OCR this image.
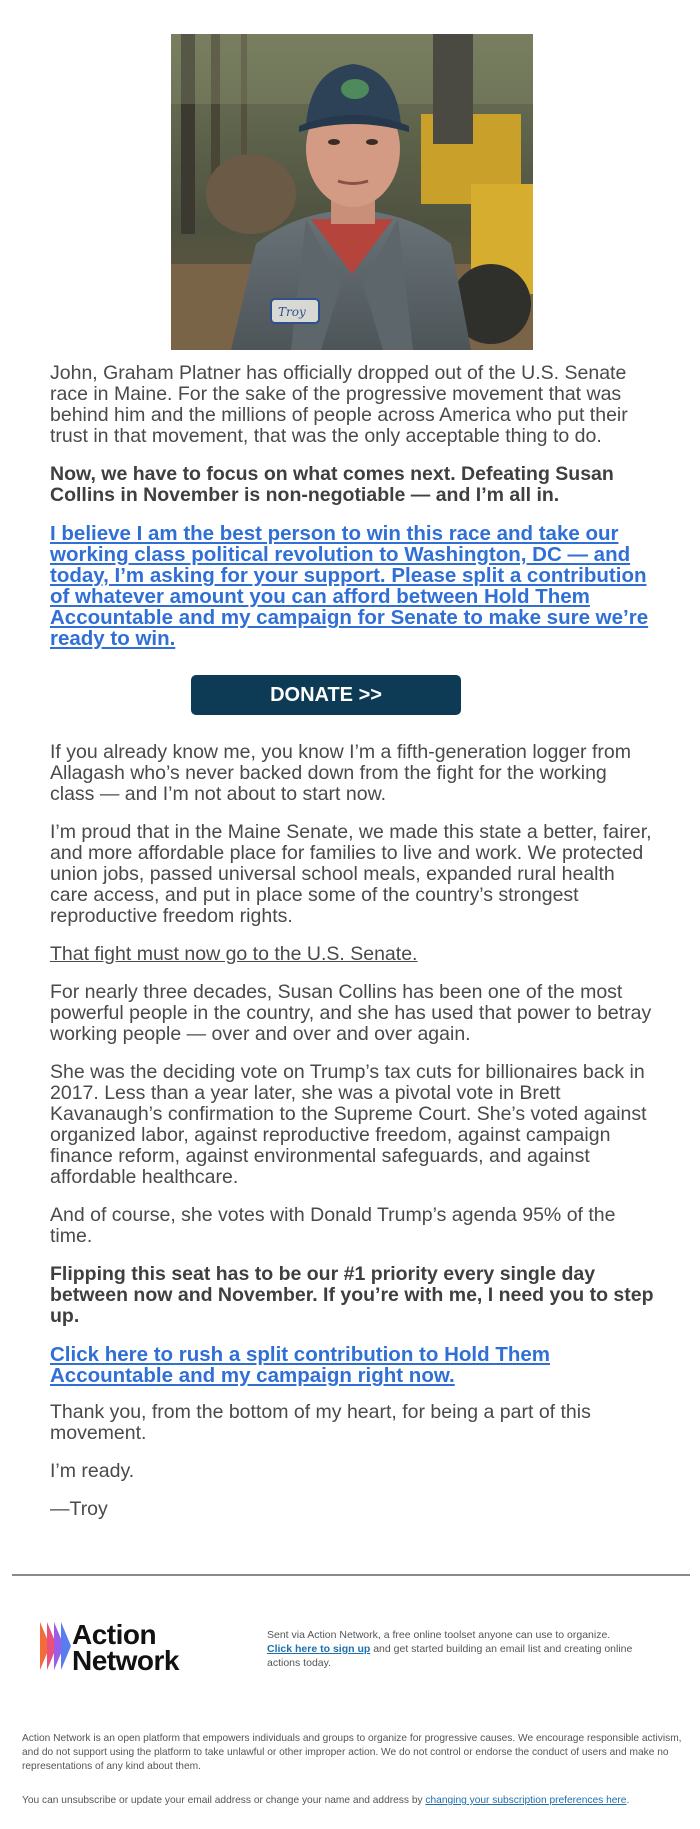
Troy

John, Graham Platner has officially dropped out of the U.S. Senate race in Maine. For the sake of the progressive movement that was behind him and the millions of people across America who put their trust in that movement, that was the only acceptable thing to do.

Now, we have to focus on what comes next. Defeating Susan Collins in November is non-negotiable — and I’m all in.

I believe I am the best person to win this race and take our working class political revolution to Washington, DC — and today, I’m asking for your support. Please split a contribution of whatever amount you can afford between Hold Them Accountable and my campaign for Senate to make sure we’re ready to win.
DONATE >>

If you already know me, you know I’m a fifth-generation logger from Allagash who’s never backed down from the fight for the working class — and I’m not about to start now.

I’m proud that in the Maine Senate, we made this state a better, fairer, and more affordable place for families to live and work. We protected union jobs, passed universal school meals, expanded rural health care access, and put in place some of the country’s strongest reproductive freedom rights.

That fight must now go to the U.S. Senate.

For nearly three decades, Susan Collins has been one of the most powerful people in the country, and she has used that power to betray working people — over and over and over again.

She was the deciding vote on Trump’s tax cuts for billionaires back in 2017. Less than a year later, she was a pivotal vote in Brett Kavanaugh’s confirmation to the Supreme Court. She’s voted against organized labor, against reproductive freedom, against campaign finance reform, against environmental safeguards, and against affordable healthcare.

And of course, she votes with Donald Trump’s agenda 95% of the time.

Flipping this seat has to be our #1 priority every single day between now and November. If you’re with me, I need you to step up.

Click here to rush a split contribution to Hold Them Accountable and my campaign right now.

Thank you, from the bottom of my heart, for being a part of this movement.

I’m ready.

—Troy

Action
Network
Sent via Action Network, a free online toolset anyone can use to organize.
Click here to sign up and get started building an email list and creating online actions today.
Action Network is an open platform that empowers individuals and groups to organize for progressive causes. We encourage responsible activism, and do not support using the platform to take unlawful or other improper action. We do not control or endorse the conduct of users and make no representations of any kind about them.
You can unsubscribe or update your email address or change your name and address by changing your subscription preferences here.
